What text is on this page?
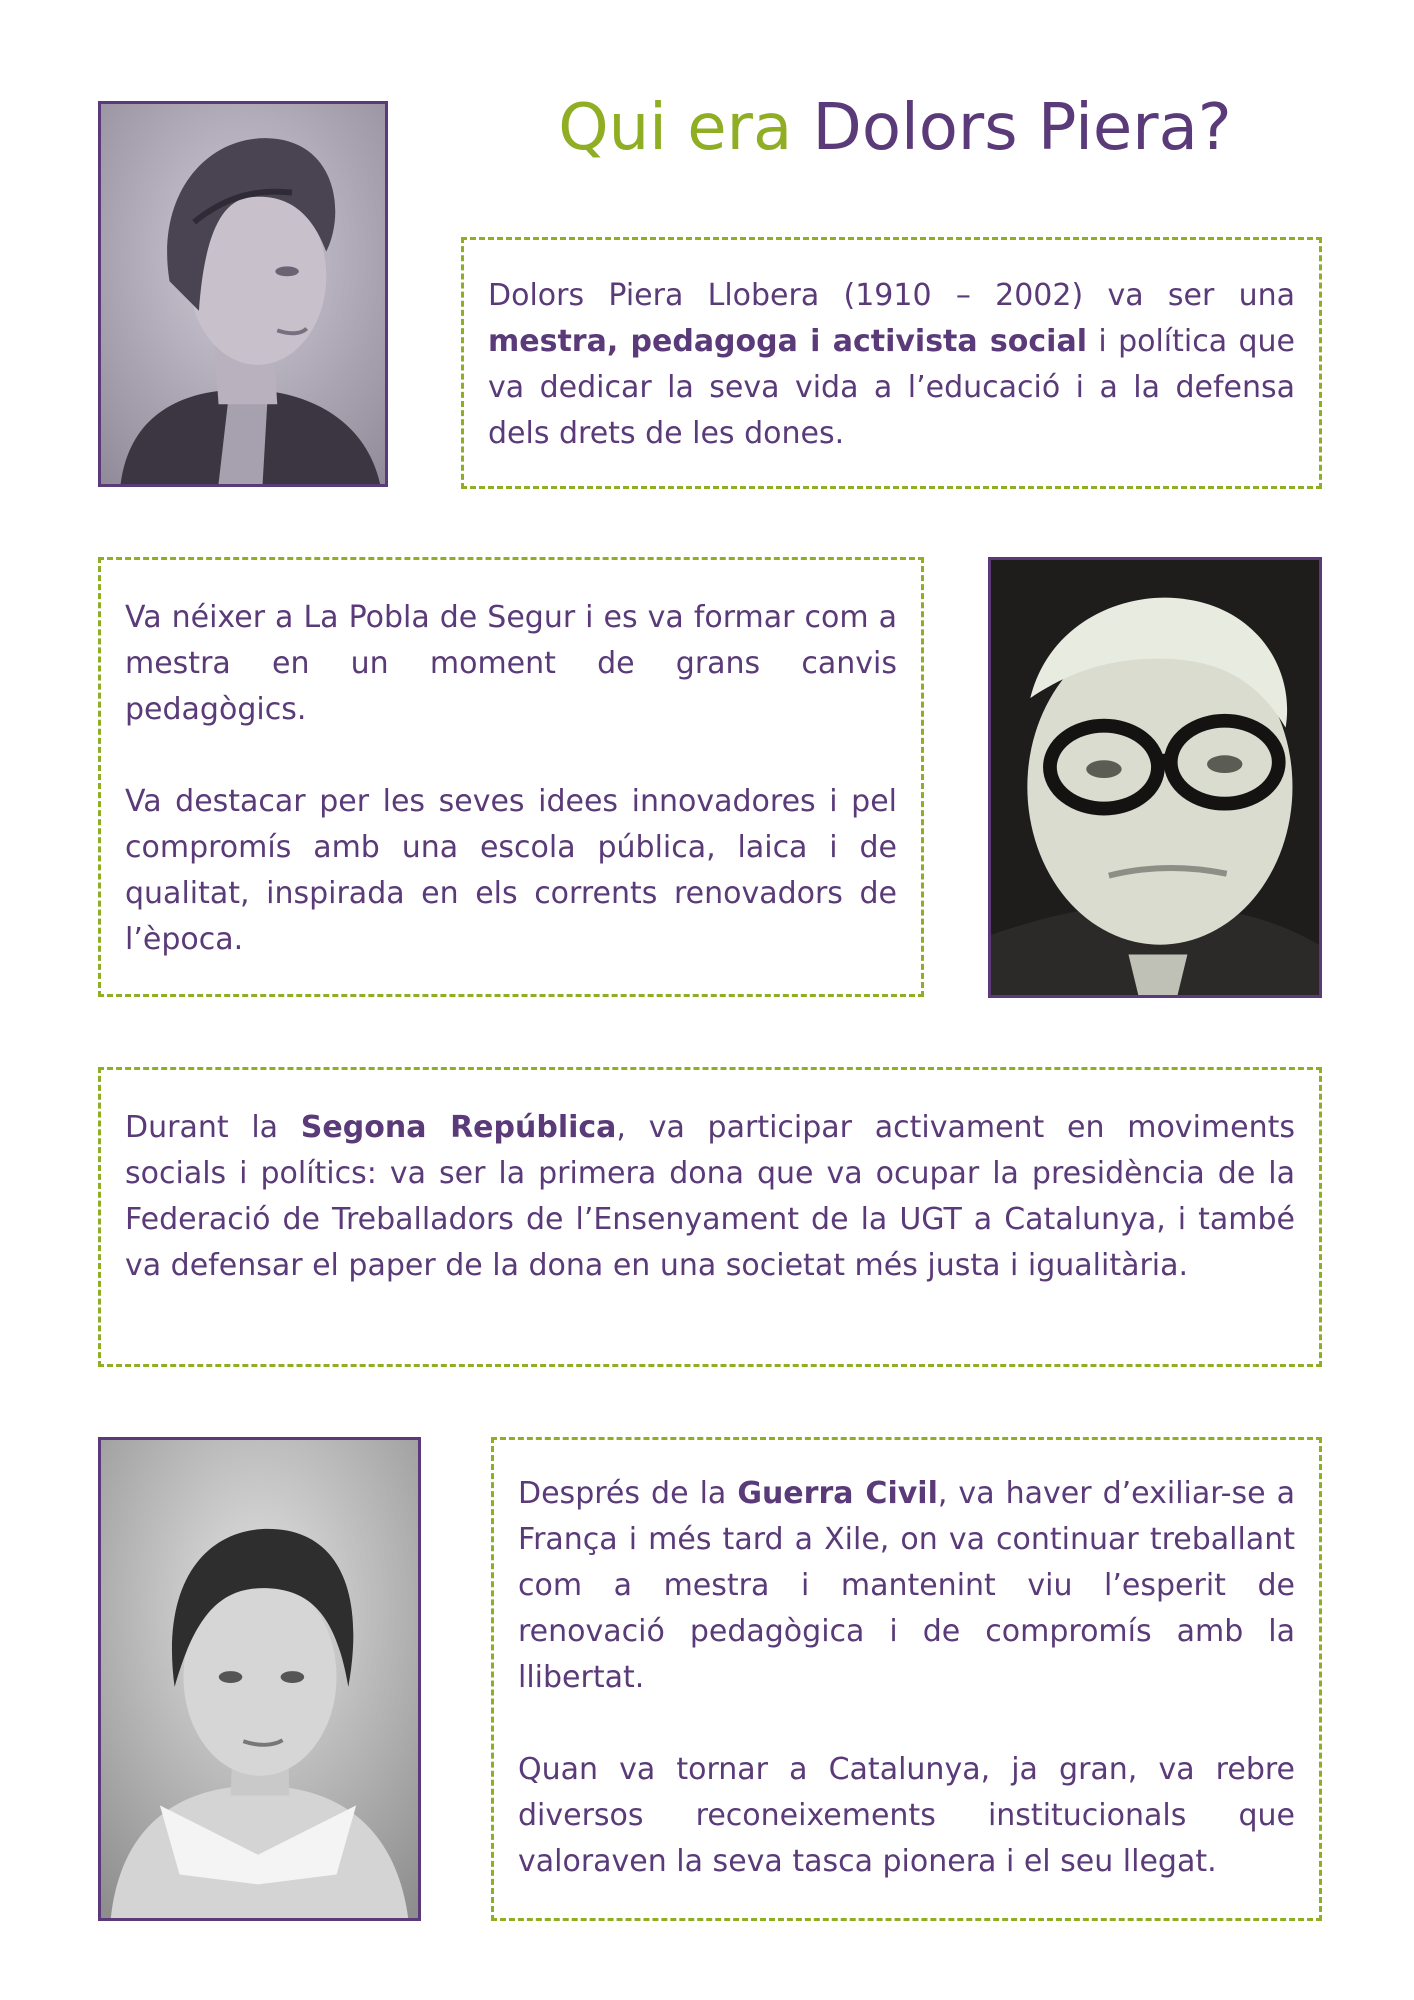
Qui era Dolors Piera?

Dolors Piera Llobera (1910 – 2002) va ser una mestra, pedagoga i activista social i política que va dedicar la seva vida a l’educació i a la defensa dels drets de les dones.

Va néixer a La Pobla de Segur i es va formar com a mestra en un moment de grans canvis pedagògics.

Va destacar per les seves idees innovadores i pel compromís amb una escola pública, laica i de qualitat, inspirada en els corrents renovadors de l’època.

Durant la Segona República, va participar activament en moviments socials i polítics: va ser la primera dona que va ocupar la presidència de la Federació de Treballadors de l’Ensenyament de la UGT a Catalunya, i també va defensar el paper de la dona en una societat més justa i igualitària.

Després de la Guerra Civil, va haver d’exiliar-se a França i més tard a Xile, on va continuar treballant com a mestra i mantenint viu l’esperit de renovació pedagògica i de compromís amb la llibertat.

Quan va tornar a Catalunya, ja gran, va rebre diversos reconeixements institucionals que valoraven la seva tasca pionera i el seu llegat.
